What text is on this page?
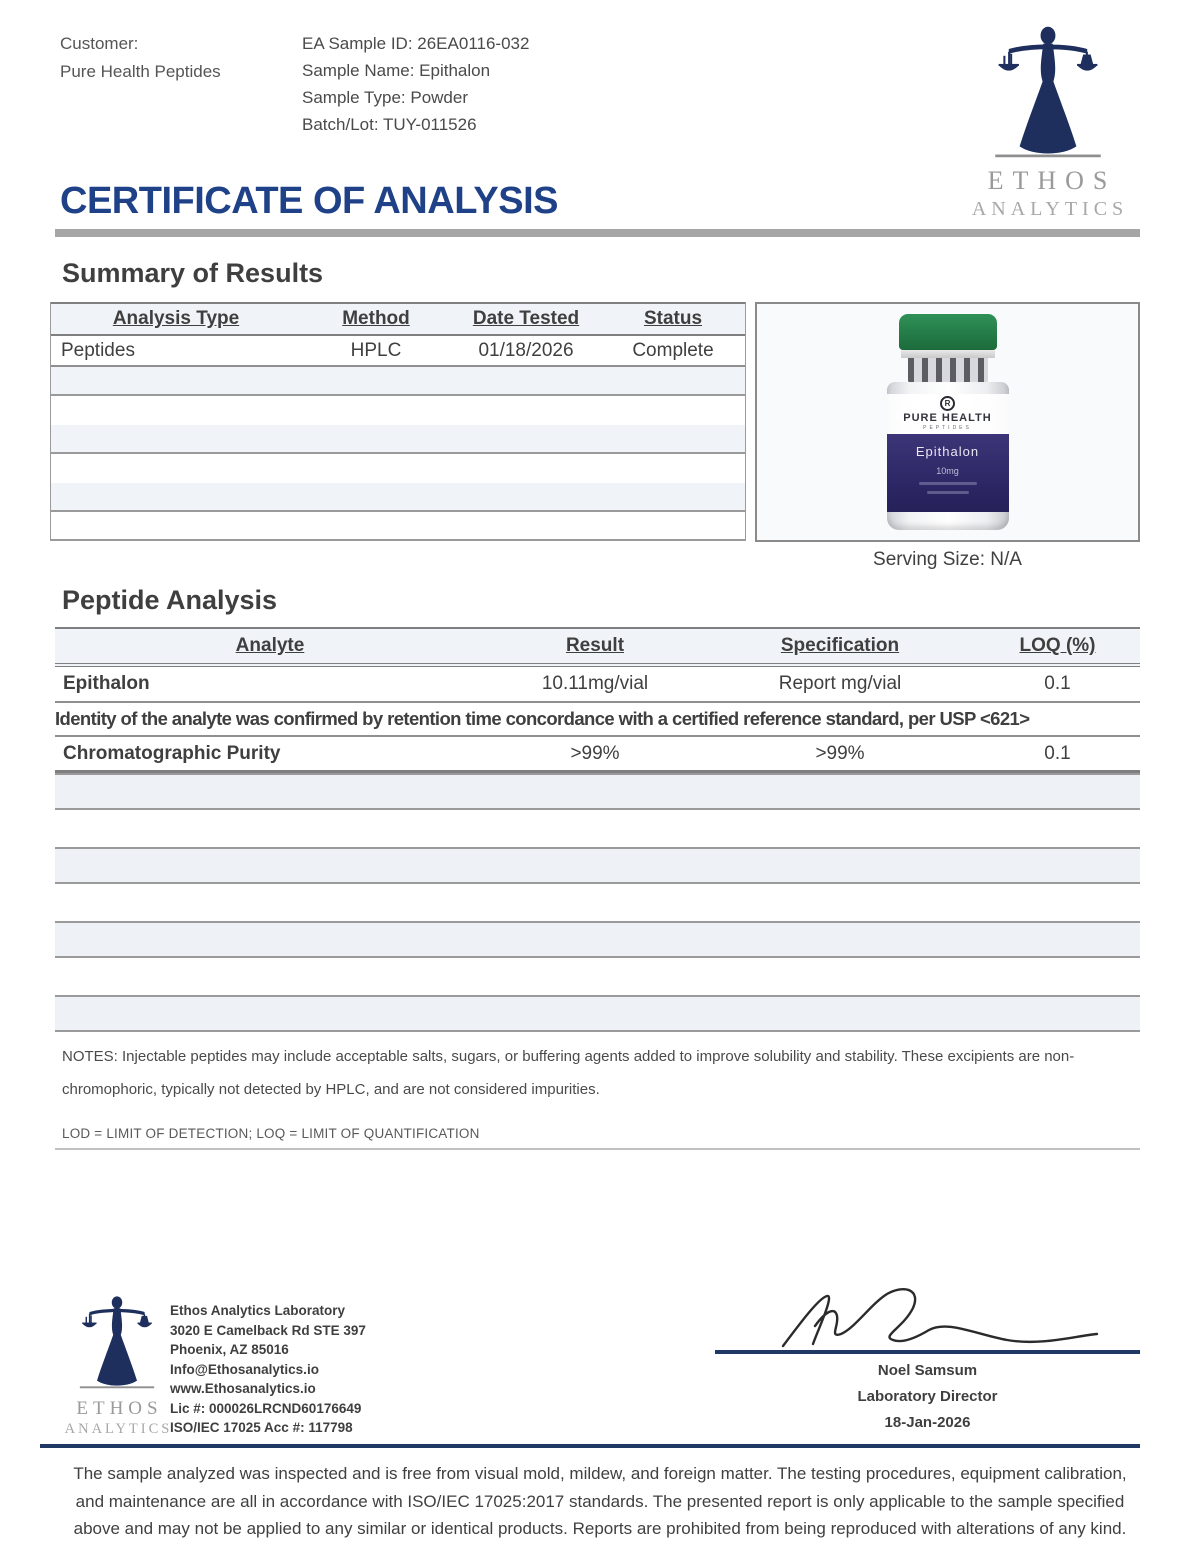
Customer:
Pure Health Peptides
EA Sample ID: 26EA0116-032
Sample Name: Epithalon
Sample Type: Powder
Batch/Lot: TUY-011526
ETHOS
ANALYTICS
CERTIFICATE OF ANALYSIS
Summary of Results
Analysis Type	Method	Date Tested	Status
Peptides	HPLC	01/18/2026	Complete
R
PURE HEALTH
PEPTIDES
Epithalon
10mg
Serving Size: N/A
Peptide Analysis
Analyte	Result	Specification	LOQ (%)
Epithalon	10.11mg/vial	Report mg/vial	0.1
Identity of the analyte was confirmed by retention time concordance with a certified reference standard, per USP <621>
Chromatographic Purity	>99%	>99%	0.1
NOTES: Injectable peptides may include acceptable salts, sugars, or buffering agents added to improve solubility and stability. These excipients are non-chromophoric, typically not detected by HPLC, and are not considered impurities.
LOD = LIMIT OF DETECTION; LOQ = LIMIT OF QUANTIFICATION
ETHOS
ANALYTICS
Ethos Analytics Laboratory
3020 E Camelback Rd STE 397
Phoenix, AZ 85016
Info@Ethosanalytics.io
www.Ethosanalytics.io
Lic #: 000026LRCND60176649
ISO/IEC 17025 Acc #: 117798
Noel Samsum
Laboratory Director
18-Jan-2026
The sample analyzed was inspected and is free from visual mold, mildew, and foreign matter. The testing procedures, equipment calibration, and maintenance are all in accordance with ISO/IEC 17025:2017 standards. The presented report is only applicable to the sample specified above and may not be applied to any similar or identical products. Reports are prohibited from being reproduced with alterations of any kind.
